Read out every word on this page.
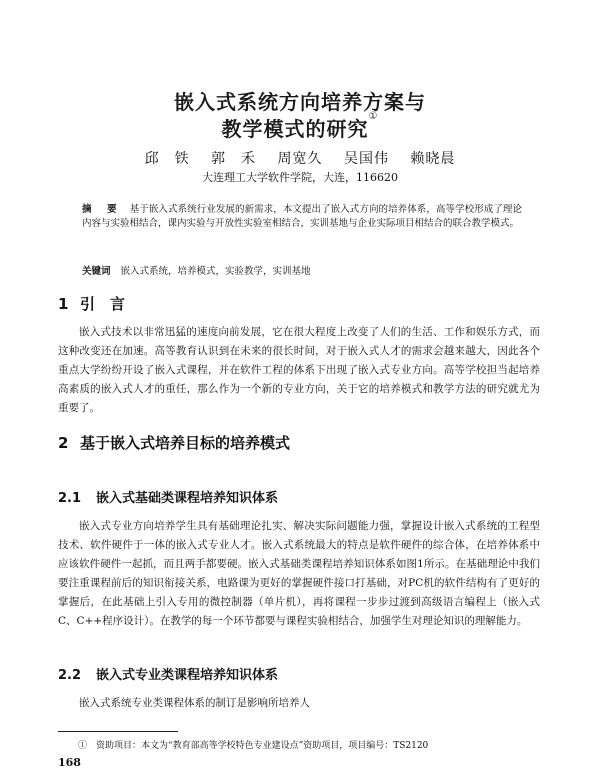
嵌入式系统方向培养方案与
教学模式的研究①
邱　铁 郭　禾 周宽久 吴国伟 赖晓晨
大连理工大学软件学院，大连，116620
摘　要 基于嵌入式系统行业发展的新需求，本文提出了嵌入式方向的培养体系，高等学校形成了理论内容与实验相结合，课内实验与开放性实验室相结合，实训基地与企业实际项目相结合的联合教学模式。
关键词 嵌入式系统，培养模式，实验教学，实训基地
1 引　言
嵌入式技术以非常迅猛的速度向前发展，它在很大程度上改变了人们的生活、工作和娱乐方式，而这种改变还在加速。高等教育认识到在未来的很长时间，对于嵌入式人才的需求会越来越大，因此各个重点大学纷纷开设了嵌入式课程，并在软件工程的体系下出现了嵌入式专业方向。高等学校担当起培养高素质的嵌入式人才的重任，那么作为一个新的专业方向，关于它的培养模式和教学方法的研究就尤为重要了。
2 基于嵌入式培养目标的培养模式
2.1 嵌入式基础类课程培养知识体系
嵌入式专业方向培养学生具有基础理论扎实、解决实际问题能力强，掌握设计嵌入式系统的工程型技术、软件硬件于一体的嵌入式专业人才。嵌入式系统最大的特点是软件硬件的综合体，在培养体系中应该软件硬件一起抓，而且两手都要硬。嵌入式基础类课程培养知识体系如图1所示。在基础理论中我们要注重课程前后的知识衔接关系，电路课为更好的掌握硬件接口打基础，对PC机的软件结构有了更好的掌握后，在此基础上引入专用的微控制器（单片机），再将课程一步步过渡到高级语言编程上（嵌入式C、C++程序设计）。在教学的每一个环节都要与课程实验相结合，加强学生对理论知识的理解能力。
2.2 嵌入式专业类课程培养知识体系
嵌入式系统专业类课程体系的制订是影响所培养人
①　资助项目：本文为“教育部高等学校特色专业建设点”资助项目，项目编号：TS2120
168
